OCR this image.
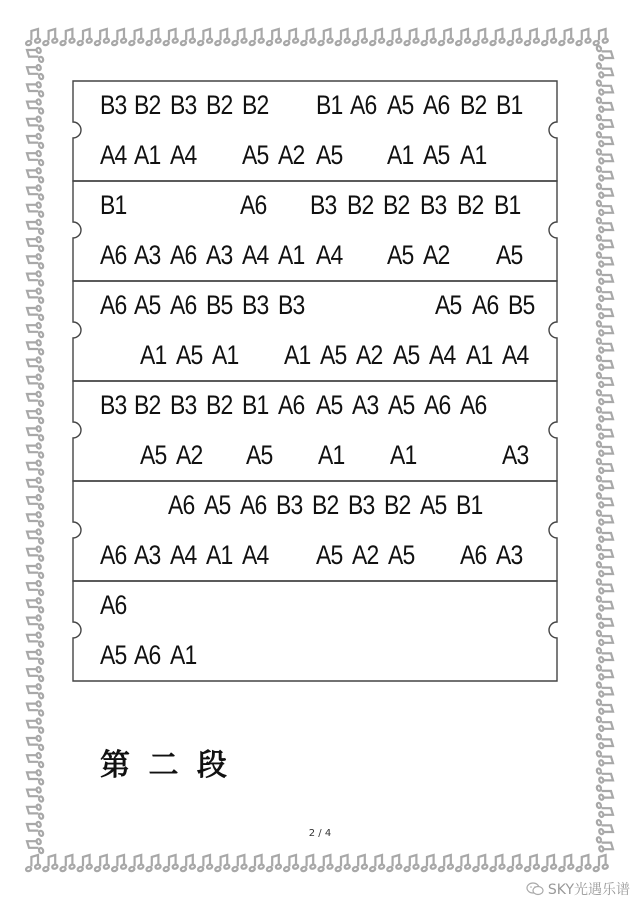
B3 B2 B3 B2 B2 B1 A6 A5 A6 B2 B1
A4 A1 A4 A5 A2 A5 A1 A5 A1
B1	A6 B3 B2 B2 B3 B2 B1
A6 A3 A6 A3 A4 A1 A4 A5 A2 A5
A6 A5 A6 B5 B3 B3	A5 A6 B5
A1 A5 A1 A1 A5 A2 A5 A4 A1 A4
B3 B2 B3 B2 B1 A6 A5 A3 A5 A6 A6
A5 A2 A5 A1 A1	A3
A6 A5 A6 B3 B2 B3 B2 A5 B1
A6 A3 A4 A1 A4 A5 A2 A5 A6 A3
A6
A5 A6 A1
第 二 段
2 / 4
SKY光遇乐谱
